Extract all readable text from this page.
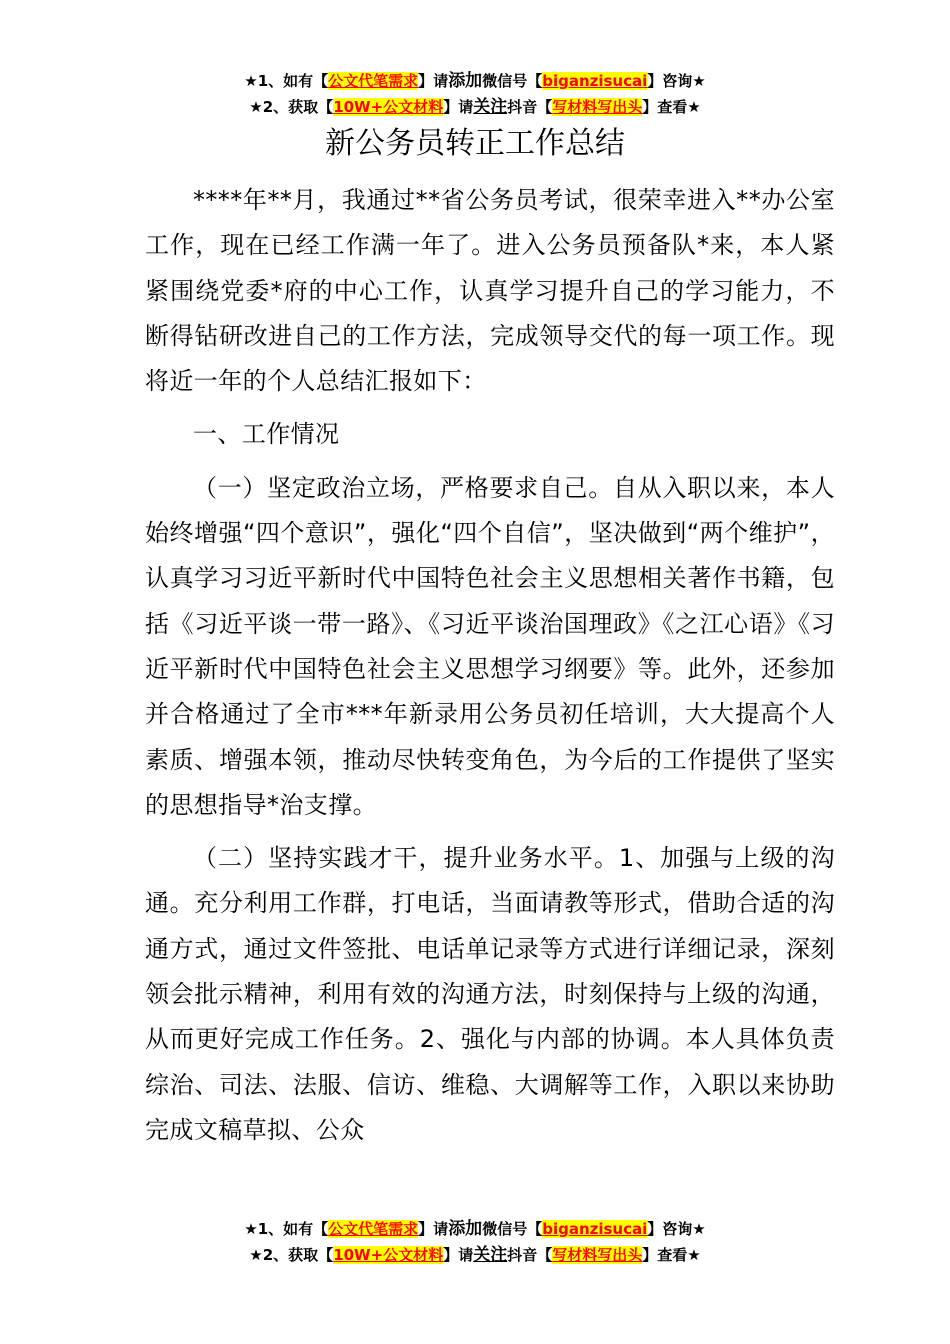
★1、如有【公文代笔需求】请添加微信号【biganzisucai】咨询★
★2、获取【10W+公文材料】请关注抖音【写材料写出头】查看★
新公务员转正工作总结

****年**月，我通过**省公务员考试，很荣幸进入**办公室工作，现在已经工作满一年了。进入公务员预备队*来，本人紧紧围绕党委*府的中心工作，认真学习提升自己的学习能力，不断得钻研改进自己的工作方法，完成领导交代的每一项工作。现将近一年的个人总结汇报如下：

一、工作情况

（一）坚定政治立场，严格要求自己。自从入职以来，本人始终增强“四个意识”，强化“四个自信”，坚决做到“两个维护”，认真学习习近平新时代中国特色社会主义思想相关著作书籍，包括《习近平谈一带一路》、《习近平谈治国理政》《之江心语》《习近平新时代中国特色社会主义思想学习纲要》等。此外，还参加并合格通过了全市***年新录用公务员初任培训，大大提高个人素质、增强本领，推动尽快转变角色，为今后的工作提供了坚实的思想指导*治支撑。

（二）坚持实践才干，提升业务水平。1、加强与上级的沟通。充分利用工作群，打电话，当面请教等形式，借助合适的沟通方式，通过文件签批、电话单记录等方式进行详细记录，深刻领会批示精神，利用有效的沟通方法，时刻保持与上级的沟通，从而更好完成工作任务。2、强化与内部的协调。本人具体负责综治、司法、法服、信访、维稳、大调解等工作，入职以来协助完成文稿草拟、公众

★1、如有【公文代笔需求】请添加微信号【biganzisucai】咨询★
★2、获取【10W+公文材料】请关注抖音【写材料写出头】查看★
